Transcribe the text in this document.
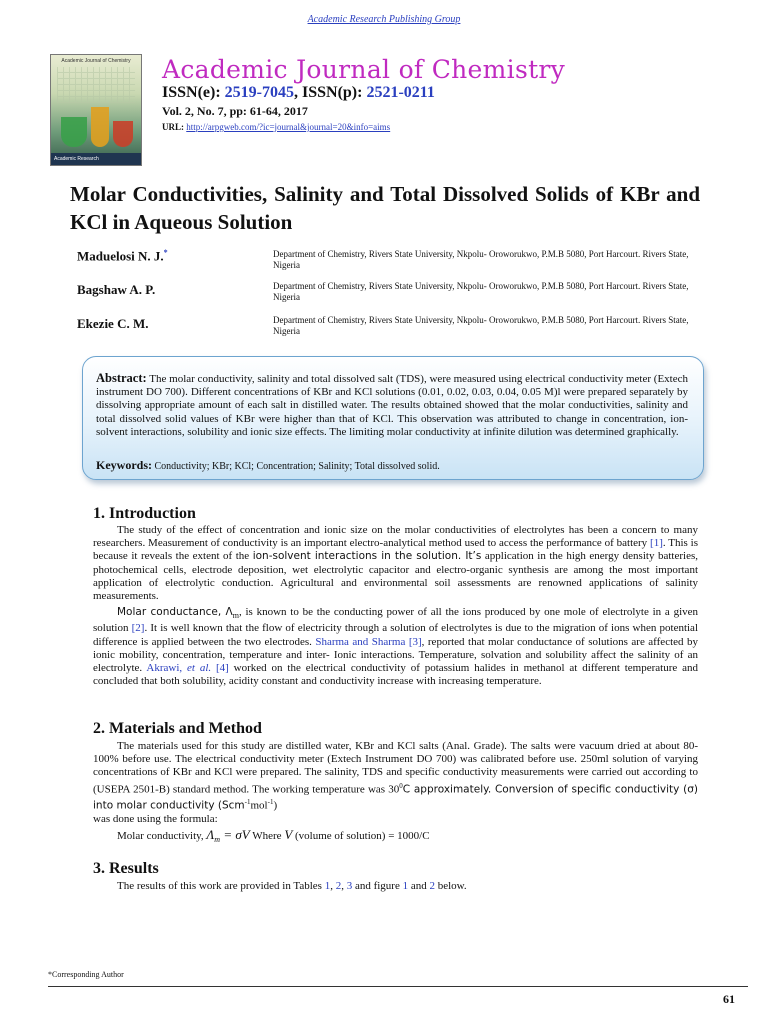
Academic Research Publishing Group
Academic Journal of Chemistry
Academic Research
Academic Journal of Chemistry
ISSN(e): 2519-7045, ISSN(p): 2521-0211
Vol. 2, No. 7, pp: 61-64, 2017
URL: http://arpgweb.com/?ic=journal&journal=20&info=aims
Molar Conductivities, Salinity and Total Dissolved Solids of KBr and KCl in Aqueous Solution
Maduelosi N. J.*	Department of Chemistry, Rivers State University, Nkpolu- Oroworukwo, P.M.B 5080, Port Harcourt. Rivers State, Nigeria
Bagshaw A. P.	Department of Chemistry, Rivers State University, Nkpolu- Oroworukwo, P.M.B 5080, Port Harcourt. Rivers State, Nigeria
Ekezie C. M.	Department of Chemistry, Rivers State University, Nkpolu- Oroworukwo, P.M.B 5080, Port Harcourt. Rivers State, Nigeria
Abstract: The molar conductivity, salinity and total dissolved salt (TDS), were measured using electrical conductivity meter (Extech instrument DO 700). Different concentrations of KBr and KCl solutions (0.01, 0.02, 0.03, 0.04, 0.05 M)l were prepared separately by dissolving appropriate amount of each salt in distilled water. The results obtained showed that the molar conductivities, salinity and total dissolved solid values of KBr were higher than that of KCl. This observation was attributed to change in concentration, ion-solvent interactions, solubility and ionic size effects. The limiting molar conductivity at infinite dilution was determined graphically.
Keywords: Conductivity; KBr; KCl; Concentration; Salinity; Total dissolved solid.
1. Introduction
The study of the effect of concentration and ionic size on the molar conductivities of electrolytes has been a concern to many researchers. Measurement of conductivity is an important electro-analytical method used to access the performance of battery [1]. This is because it reveals the extent of the ion-solvent interactions in the solution. It’s application in the high energy density batteries, photochemical cells, electrode deposition, wet electrolytic capacitor and electro-organic synthesis are among the most important application of electrolytic conduction. Agricultural and environmental soil assessments are renowned applications of salinity measurements.
Molar conductance, $\Lambda_m$, is known to be the conducting power of all the ions produced by one mole of electrolyte in a given solution [2]. It is well known that the flow of electricity through a solution of electrolytes is due to the migration of ions when potential difference is applied between the two electrodes. Sharma and Sharma [3], reported that molar conductance of solutions are affected by ionic mobility, concentration, temperature and inter- Ionic interactions. Temperature, solvation and solubility affect the salinity of an electrolyte. Akrawi, et al. [4] worked on the electrical conductivity of potassium halides in methanol at different temperature and concluded that both solubility, acidity constant and conductivity increase with increasing temperature.
2. Materials and Method
The materials used for this study are distilled water, KBr and KCl salts (Anal. Grade). The salts were vacuum dried at about 80-100% before use. The electrical conductivity meter (Extech Instrument DO 700) was calibrated before use. 250ml solution of varying concentrations of KBr and KCl were prepared. The salinity, TDS and specific conductivity measurements were carried out according to (USEPA 2501-B) standard method. The working temperature was $30^0C$ approximately. Conversion of specific conductivity (σ) into molar conductivity (Scm$^{-1}$mol$^{-1}$)
was done using the formula:
Molar conductivity, $\Lambda_m = \sigma V$ Where V (volume of solution) = 1000/C
3. Results
The results of this work are provided in Tables 1, 2, 3 and figure 1 and 2 below.
*Corresponding Author
61
